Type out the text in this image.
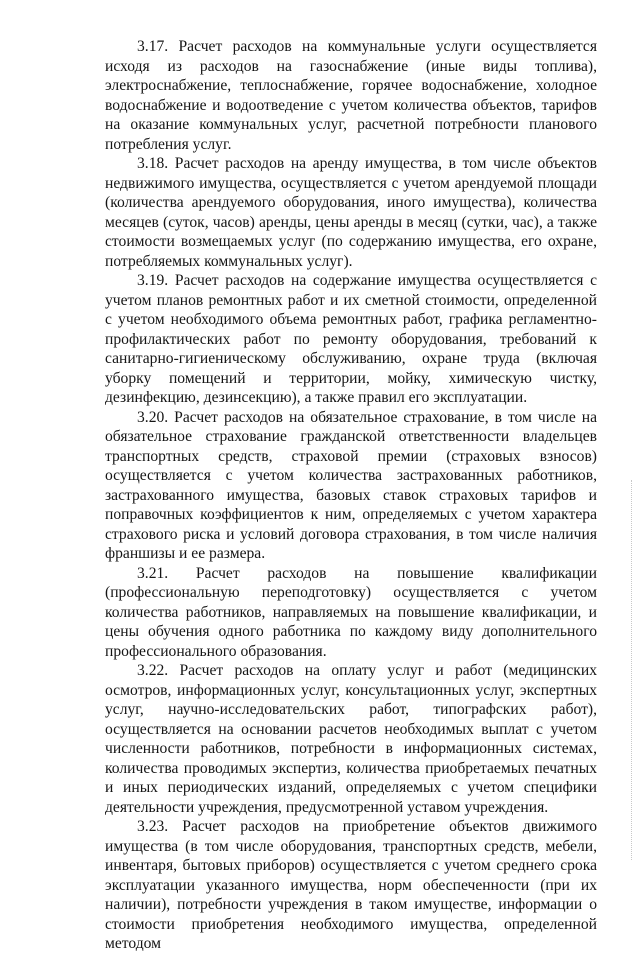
3.17. Расчет расходов на коммунальные услуги осуществляется исходя из расходов на газоснабжение (иные виды топлива), электроснабжение, теплоснабжение, горячее водоснабжение, холодное водоснабжение и водоотведение с учетом количества объектов, тарифов на оказание коммунальных услуг, расчетной потребности планового потребления услуг.

3.18. Расчет расходов на аренду имущества, в том числе объектов недвижимого имущества, осуществляется с учетом арендуемой площади (количества арендуемого оборудования, иного имущества), количества месяцев (суток, часов) аренды, цены аренды в месяц (сутки, час), а также стоимости возмещаемых услуг (по содержанию имущества, его охране, потребляемых коммунальных услуг).

3.19. Расчет расходов на содержание имущества осуществляется с учетом планов ремонтных работ и их сметной стоимости, определенной с учетом необходимого объема ремонтных работ, графика регламентно-профилактических работ по ремонту оборудования, требований к санитарно-гигиеническому обслуживанию, охране труда (включая уборку помещений и территории, мойку, химическую чистку, дезинфекцию, дезинсекцию), а также правил его эксплуатации.

3.20. Расчет расходов на обязательное страхование, в том числе на обязательное страхование гражданской ответственности владельцев транспортных средств, страховой премии (страховых взносов) осуществляется с учетом количества застрахованных работников, застрахованного имущества, базовых ставок страховых тарифов и поправочных коэффициентов к ним, определяемых с учетом характера страхового риска и условий договора страхования, в том числе наличия франшизы и ее размера.

3.21. Расчет расходов на повышение квалификации (профессиональную переподготовку) осуществляется с учетом количества работников, направляемых на повышение квалификации, и цены обучения одного работника по каждому виду дополнительного профессионального образования.

3.22. Расчет расходов на оплату услуг и работ (медицинских осмотров, информационных услуг, консультационных услуг, экспертных услуг, научно-исследовательских работ, типографских работ), осуществляется на основании расчетов необходимых выплат с учетом численности работников, потребности в информационных системах, количества проводимых экспертиз, количества приобретаемых печатных и иных периодических изданий, определяемых с учетом специфики деятельности учреждения, предусмотренной уставом учреждения.

3.23. Расчет расходов на приобретение объектов движимого имущества (в том числе оборудования, транспортных средств, мебели, инвентаря, бытовых приборов) осуществляется с учетом среднего срока эксплуатации указанного имущества, норм обеспеченности (при их наличии), потребности учреждения в таком имуществе, информации о стоимости приобретения необходимого имущества, определенной методом
